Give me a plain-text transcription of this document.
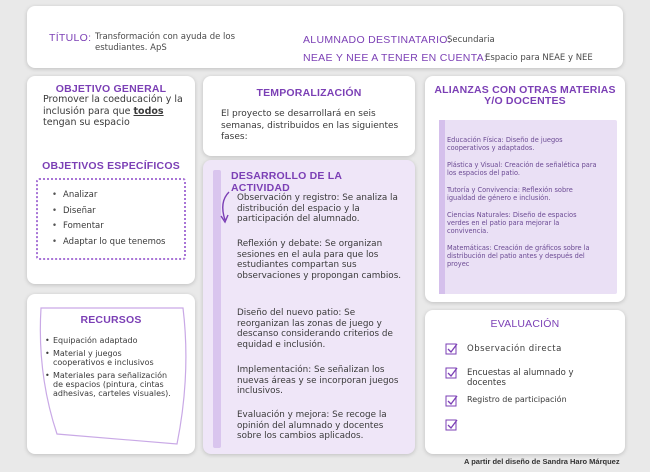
TÍTULO: Transformación con ayuda de los estudiantes. ApS
ALUMNADO DESTINATARIO:
Secundaria
NEAE Y NEE A TENER EN CUENTA:
Espacio para NEAE y NEE
OBJETIVO GENERAL
Promover la coeducación y la inclusión para que todos tengan su espacio
OBJETIVOS ESPECÍFICOS
• Analizar
• Diseñar
• Fomentar
• Adaptar lo que tenemos
RECURSOS
• Equipación adaptado
• Material y juegos cooperativos e inclusivos
• Materiales para señalización de espacios (pintura, cintas adhesivas, carteles visuales).
TEMPORALIZACIÓN
El proyecto se desarrollará en seis semanas, distribuidos en las siguientes fases:
DESARROLLO DE LA ACTIVIDAD
Observación y registro: Se analiza la distribución del espacio y la participación del alumnado.
Reflexión y debate: Se organizan sesiones en el aula para que los estudiantes compartan sus observaciones y propongan cambios.
Diseño del nuevo patio: Se reorganizan las zonas de juego y descanso considerando criterios de equidad e inclusión.
Implementación: Se señalizan los nuevas áreas y se incorporan juegos inclusivos.
Evaluación y mejora: Se recoge la opinión del alumnado y docentes sobre los cambios aplicados.
ALIANZAS CON OTRAS MATERIAS
Y/O DOCENTES
Educación Física: Diseño de juegos cooperativos y adaptados.
Plástica y Visual: Creación de señalética para los espacios del patio.
Tutoría y Convivencia: Reflexión sobre igualdad de género e inclusión.
Ciencias Naturales: Diseño de espacios verdes en el patio para mejorar la convivencia.
Matemáticas: Creación de gráficos sobre la distribución del patio antes y después del proyec
EVALUACIÓN
Observación directa
Encuestas al alumnado y docentes
Registro de participación
A partir del diseño de Sandra Haro Márquez
